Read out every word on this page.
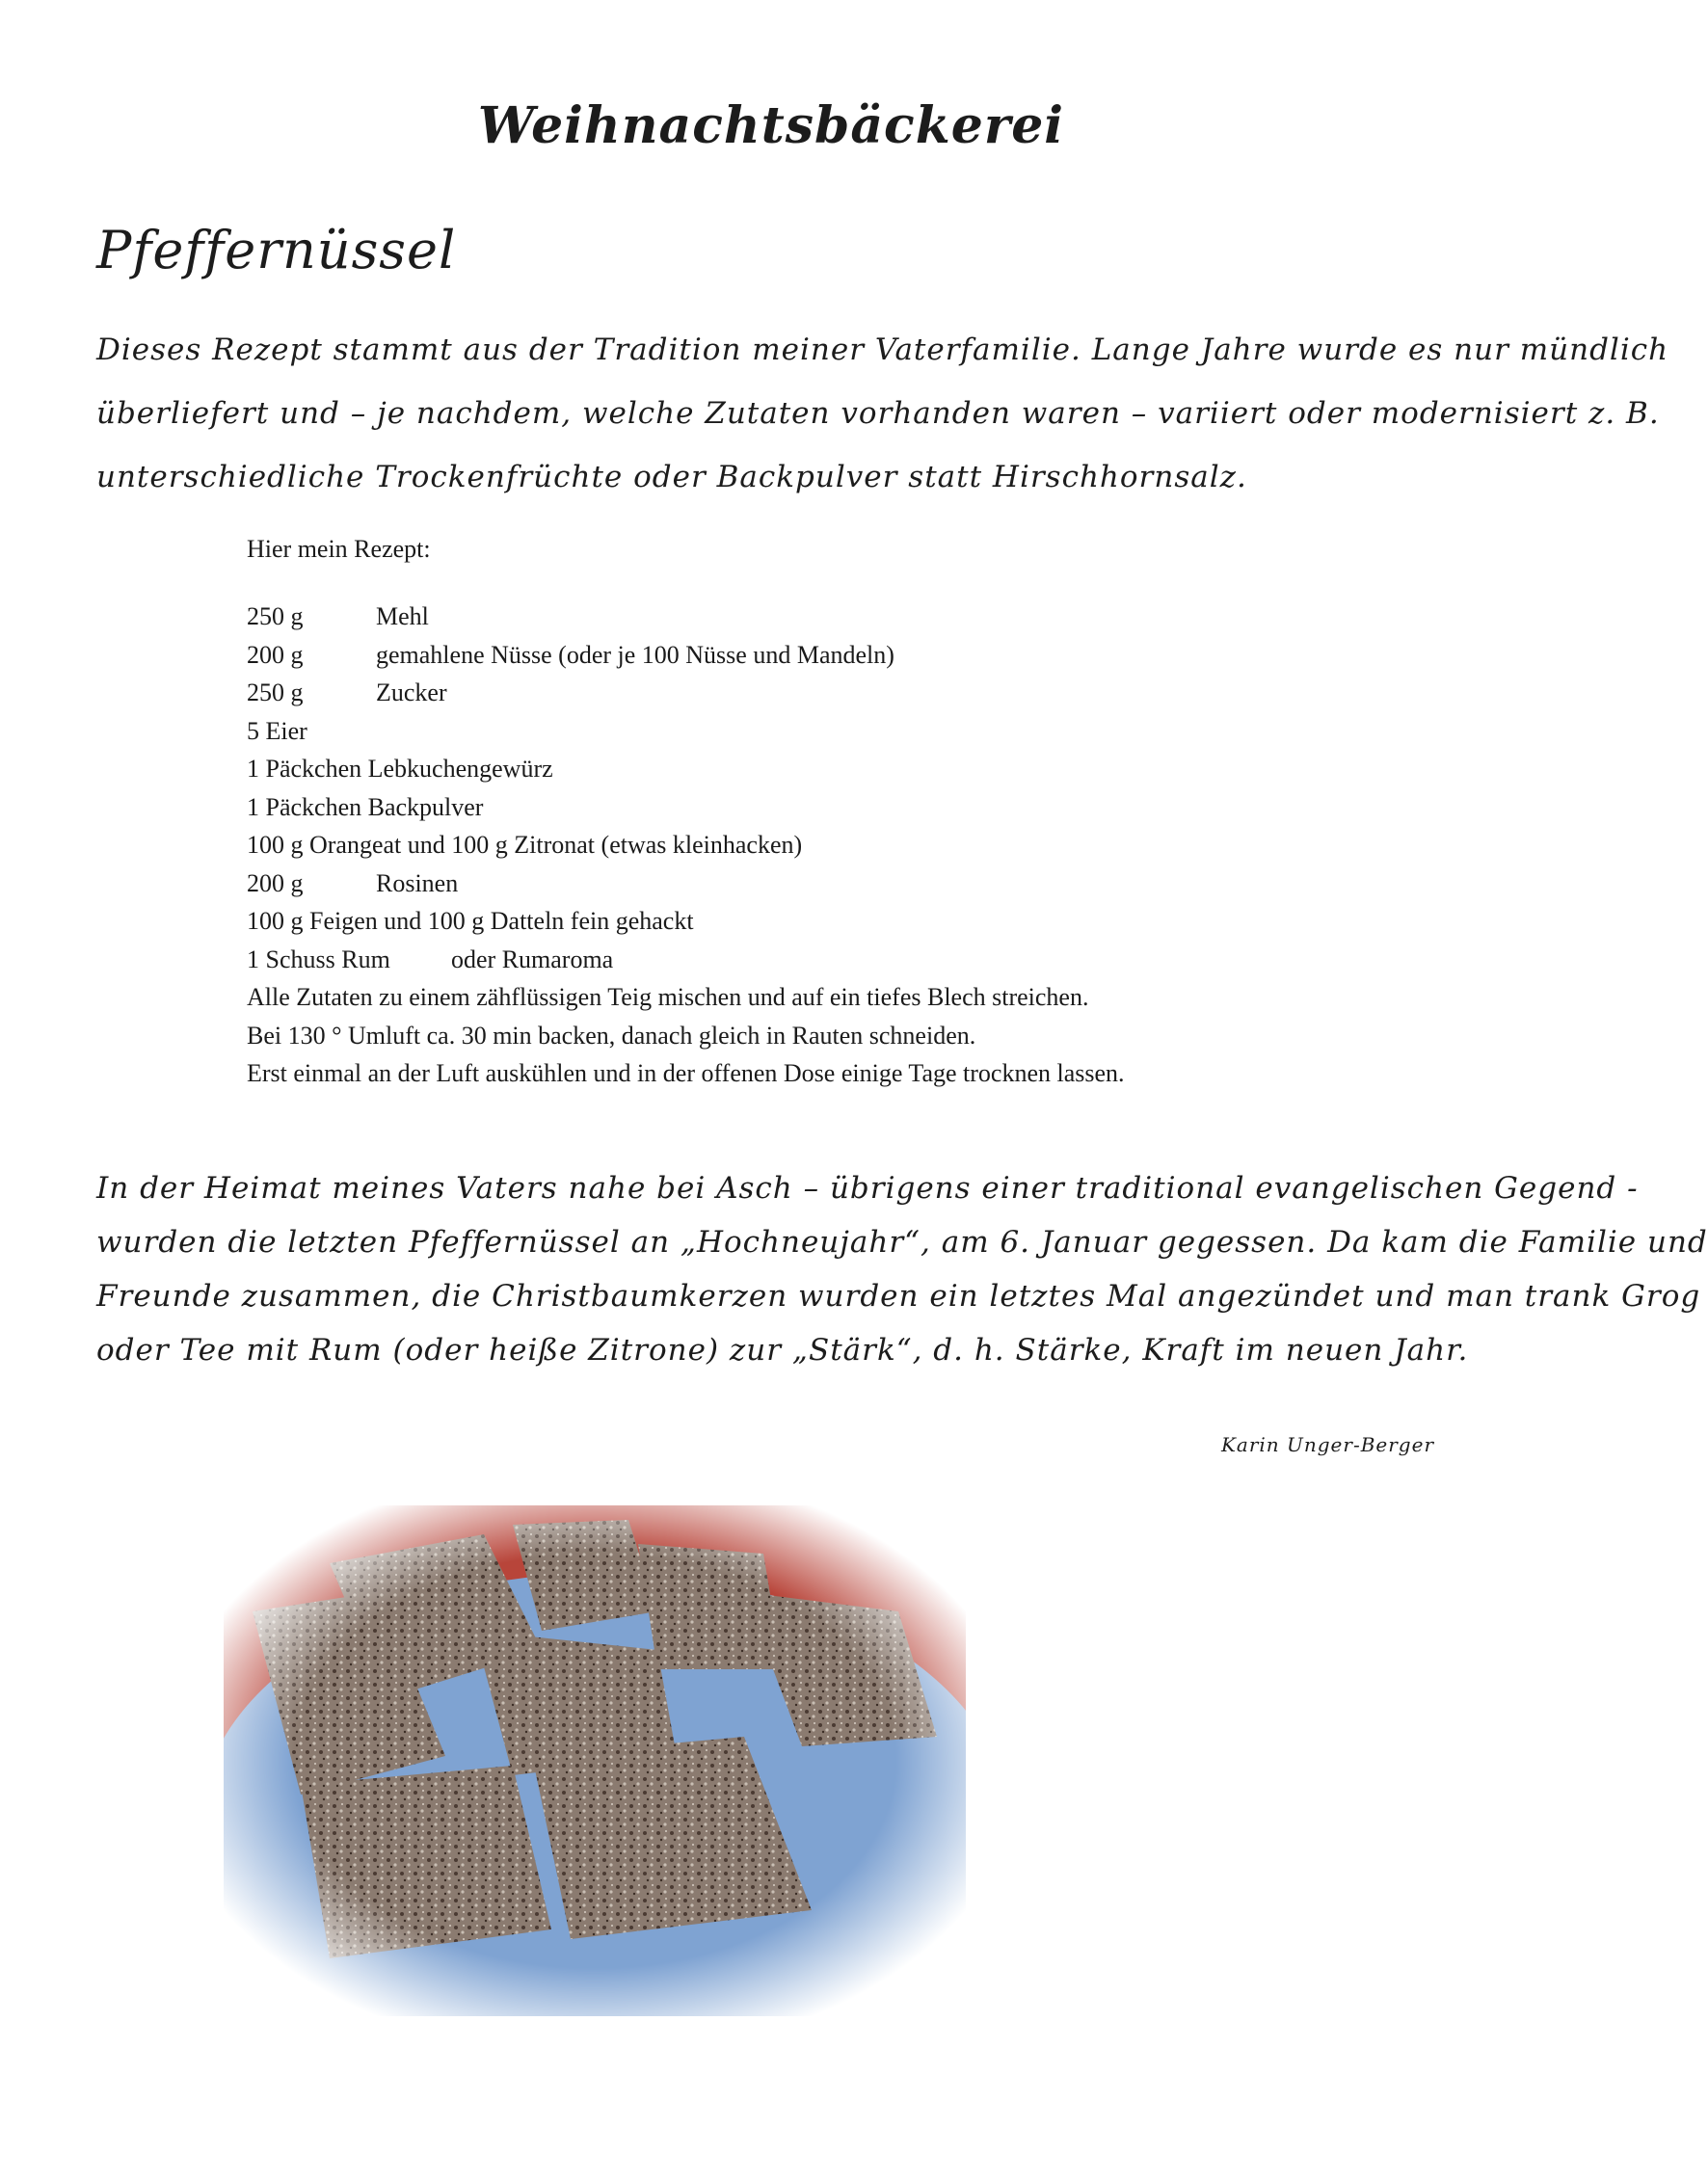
Weihnachtsbäckerei
Pfeffernüssel
Dieses Rezept stammt aus der Tradition meiner Vaterfamilie. Lange Jahre wurde es nur mündlich
überliefert und – je nachdem, welche Zutaten vorhanden waren – variiert oder modernisiert z. B.
unterschiedliche Trockenfrüchte oder Backpulver statt Hirschhornsalz.
Hier mein Rezept:
250 g	Mehl
200 g	gemahlene Nüsse (oder je 100 Nüsse und Mandeln)
250 g	Zucker
5 Eier
1 Päckchen Lebkuchengewürz
1 Päckchen Backpulver
100 g Orangeat und 100 g Zitronat (etwas kleinhacken)
200 g	Rosinen
100 g Feigen und 100 g Datteln fein gehackt
1 Schuss Rum oder Rumaroma
Alle Zutaten zu einem zähflüssigen Teig mischen und auf ein tiefes Blech streichen.
Bei 130 ° Umluft ca. 30 min backen, danach gleich in Rauten schneiden.
Erst einmal an der Luft auskühlen und in der offenen Dose einige Tage trocknen lassen.
In der Heimat meines Vaters nahe bei Asch – übrigens einer traditional evangelischen Gegend -
wurden die letzten Pfeffernüssel an „Hochneujahr“, am 6. Januar gegessen. Da kam die Familie und
Freunde zusammen, die Christbaumkerzen wurden ein letztes Mal angezündet und man trank Grog
oder Tee mit Rum (oder heiße Zitrone) zur „Stärk“, d. h. Stärke, Kraft im neuen Jahr.
Karin Unger-Berger
